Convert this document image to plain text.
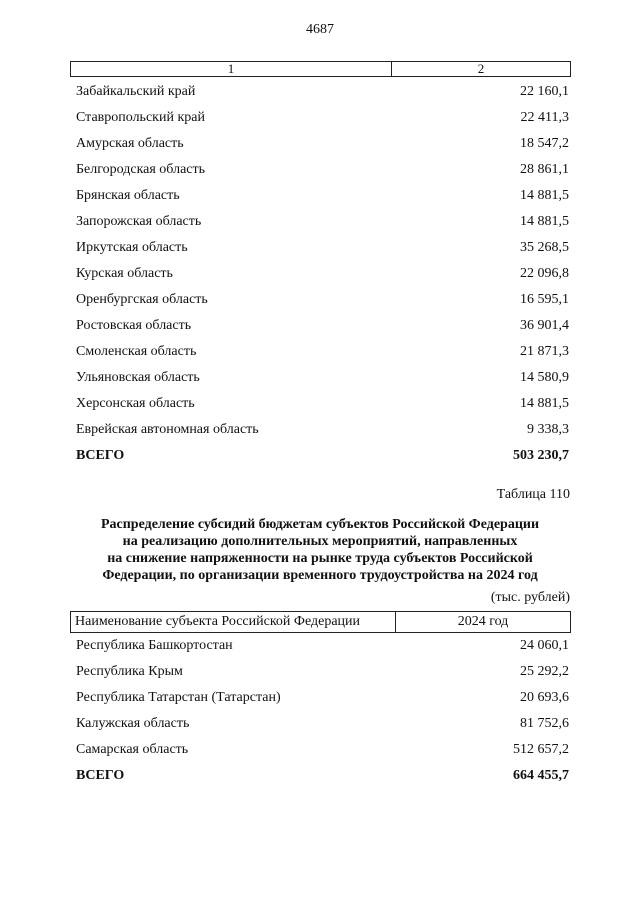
4687
1	2
Забайкальский край	22 160,1
Ставропольский край	22 411,3
Амурская область	18 547,2
Белгородская область	28 861,1
Брянская область	14 881,5
Запорожская область	14 881,5
Иркутская область	35 268,5
Курская область	22 096,8
Оренбургская область	16 595,1
Ростовская область	36 901,4
Смоленская область	21 871,3
Ульяновская область	14 580,9
Херсонская область	14 881,5
Еврейская автономная область	9 338,3
ВСЕГО	503 230,7
Таблица 110
Распределение субсидий бюджетам субъектов Российской Федерации
на реализацию дополнительных мероприятий, направленных
на снижение напряженности на рынке труда субъектов Российской
Федерации, по организации временного трудоустройства на 2024 год
(тыс. рублей)
Наименование субъекта Российской Федерации	2024 год
Республика Башкортостан	24 060,1
Республика Крым	25 292,2
Республика Татарстан (Татарстан)	20 693,6
Калужская область	81 752,6
Самарская область	512 657,2
ВСЕГО	664 455,7
